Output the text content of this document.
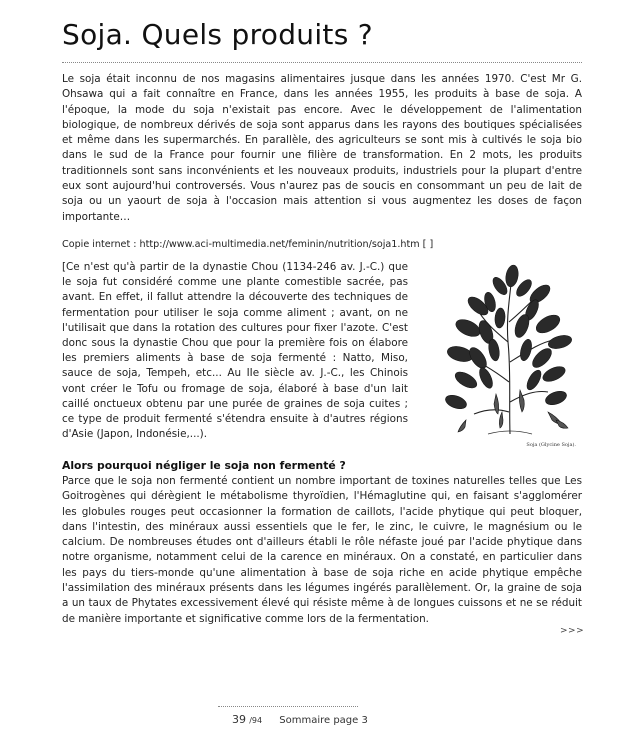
Soja. Quels produits ?

Le soja était inconnu de nos magasins alimentaires jusque dans les années 1970. C'est Mr G. Ohsawa qui a fait connaître en France, dans les années 1955, les produits à base de soja. A l'époque, la mode du soja n'existait pas encore. Avec le développement de l'alimentation biologique, de nombreux dérivés de soja sont apparus dans les rayons des boutiques spécialisées et même dans les supermarchés. En parallèle, des agriculteurs se sont mis à cultivés le soja bio dans le sud de la France pour fournir une filière de transformation. En 2 mots, les produits traditionnels sont sans inconvénients et les nouveaux produits, industriels pour la plupart d'entre eux sont aujourd'hui controversés. Vous n'aurez pas de soucis en consommant un peu de lait de soja ou un yaourt de soja à l'occasion mais attention si vous augmentez les doses de façon importante…

Copie internet : http://www.aci-multimedia.net/feminin/nutrition/soja1.htm [ ]

[Ce n'est qu'à partir de la dynastie Chou (1134-246 av. J.-C.) que le soja fut considéré comme une plante comestible sacrée, pas avant. En effet, il fallut attendre la découverte des techniques de fermentation pour utiliser le soja comme aliment ; avant, on ne l'utilisait que dans la rotation des cultures pour fixer l'azote. C'est donc sous la dynastie Chou que pour la première fois on élabore les premiers aliments à base de soja fermenté : Natto, Miso, sauce de soja, Tempeh, etc... Au IIe siècle av. J.-C., les Chinois vont créer le Tofu ou fromage de soja, élaboré à base d'un lait caillé onctueux obtenu par une purée de graines de soja cuites ; ce type de produit fermenté s'étendra ensuite à d'autres régions d'Asie (Japon, Indonésie,...).

Soja (Glycine Soja).
Alors pourquoi négliger le soja non fermenté ?

Parce que le soja non fermenté contient un nombre important de toxines naturelles telles que Les Goitrogènes qui dérègient le métabolisme thyroïdien, l'Hémaglutine qui, en faisant s'agglomérer les globules rouges peut occasionner la formation de caillots, l'acide phytique qui peut bloquer, dans l'intestin, des minéraux aussi essentiels que le fer, le zinc, le cuivre, le magnésium ou le calcium. De nombreuses études ont d'ailleurs établi le rôle néfaste joué par l'acide phytique dans notre organisme, notamment celui de la carence en minéraux. On a constaté, en particulier dans les pays du tiers-monde qu'une alimentation à base de soja riche en acide phytique empêche l'assimilation des minéraux présents dans les légumes ingérés parallèlement. Or, la graine de soja a un taux de Phytates excessivement élevé qui résiste même à de longues cuissons et ne se réduit de manière importante et significative comme lors de la fermentation.

>>>
39 /94 Sommaire page 3
